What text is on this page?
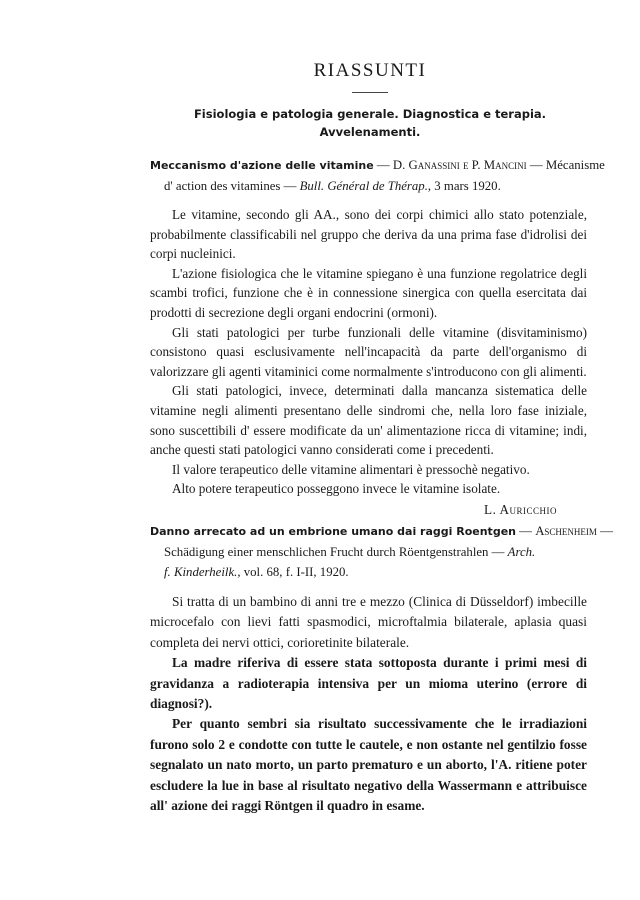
RIASSUNTI
Fisiologia e patologia generale. Diagnostica e terapia.
Avvelenamenti.
Meccanismo d'azione delle vitamine — D. Ganassini e P. Mancini — Mécanisme
d' action des vitamines — Bull. Général de Thérap., 3 mars 1920.

Le vitamine, secondo gli AA., sono dei corpi chimici allo stato potenziale, probabilmente classificabili nel gruppo che deriva da una prima fase d'idrolisi dei corpi nucleinici.

L'azione fisiologica che le vitamine spiegano è una funzione regolatrice degli scambi trofici, funzione che è in connessione sinergica con quella esercitata dai prodotti di secrezione degli organi endocrini (ormoni).

Gli stati patologici per turbe funzionali delle vitamine (disvitaminismo) consistono quasi esclusivamente nell'incapacità da parte dell'organismo di valorizzare gli agenti vitaminici come normalmente s'introducono con gli alimenti.

Gli stati patologici, invece, determinati dalla mancanza sistematica delle vitamine negli alimenti presentano delle sindromi che, nella loro fase iniziale, sono suscettibili d' essere modificate da un' alimentazione ricca di vitamine; indi, anche questi stati patologici vanno considerati come i precedenti.

Il valore terapeutico delle vitamine alimentari è pressochè negativo.

Alto potere terapeutico posseggono invece le vitamine isolate.

L. Auricchio
Danno arrecato ad un embrione umano dai raggi Roentgen — Aschenheim —
Schädigung einer menschlichen Frucht durch Röentgenstrahlen — Arch.
f. Kinderheilk., vol. 68, f. I-II, 1920.

Si tratta di un bambino di anni tre e mezzo (Clinica di Düsseldorf) imbecille microcefalo con lievi fatti spasmodici, microftalmia bilaterale, aplasia quasi completa dei nervi ottici, corioretinite bilaterale.

La madre riferiva di essere stata sottoposta durante i primi mesi di gravidanza a radioterapia intensiva per un mioma uterino (errore di diagnosi?).

Per quanto sembri sia risultato successivamente che le irradiazioni furono solo 2 e condotte con tutte le cautele, e non ostante nel gentilzio fosse segnalato un nato morto, un parto prematuro e un aborto, l'A. ritiene poter escludere la lue in base al risultato negativo della Wassermann e attribuisce all' azione dei raggi Röntgen il quadro in esame.
